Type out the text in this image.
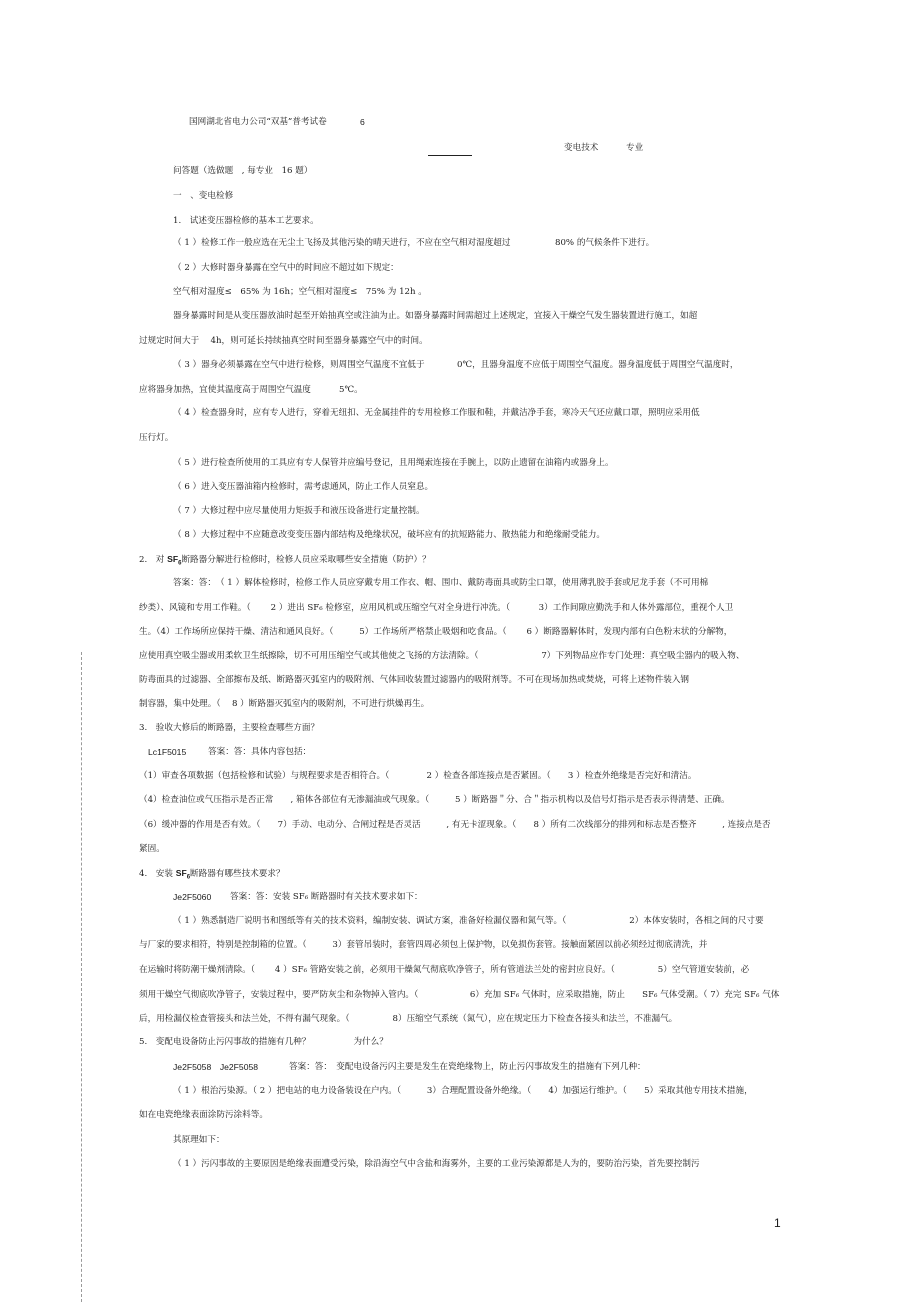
国网湖北省电力公司“双基”普考试卷	6
变电技术	专业
问答题（选做题　, 每专业　16 题）
一　、变电检修
1.　试述变压器检修的基本工艺要求。
（ 1 ）检修工作一般应选在无尘土飞扬及其他污染的晴天进行，不应在空气相对湿度超过	80% 的气候条件下进行。
（ 2 ）大修时器身暴露在空气中的时间应不超过如下规定：
空气相对湿度≤　65% 为 16h；空气相对湿度≤　75% 为 12h 。
器身暴露时间是从变压器放油时起至开始抽真空或注油为止。如器身暴露时间需超过上述规定，宜接入干燥空气发生器装置进行施工，如超
过规定时间大于　 4h，则可延长持续抽真空时间至器身暴露空气中的时间。
（ 3 ）器身必须暴露在空气中进行检修，则周围空气温度不宜低于	0℃，且器身温度不应低于周围空气温度。器身温度低于周围空气温度时，
应将器身加热，宜使其温度高于周围空气温度	5℃。
（ 4 ）检查器身时，应有专人进行，穿着无纽扣、无金属挂件的专用检修工作服和鞋，并戴洁净手套，寒冷天气还应戴口罩，照明应采用低
压行灯。
（ 5 ）进行检查所使用的工具应有专人保管并应编号登记，且用绳索连接在手腕上，以防止遗留在油箱内或器身上。
（ 6 ）进入变压器油箱内检修时，需考虑通风，防止工作人员窒息。
（ 7 ）大修过程中应尽量使用力矩扳手和液压设备进行定量控制。
（ 8 ）大修过程中不应随意改变变压器内部结构及绝缘状况，破坏应有的抗短路能力、散热能力和绝缘耐受能力。
2.　对 $SF_6$断路器分解进行检修时，检修人员应采取哪些安全措施（防护）？
答案：答：　（ 1 ）解体检修时，检修工作人员应穿戴专用工作衣、帽、围巾、戴防毒面具或防尘口罩，使用薄乳胶手套或尼龙手套（不可用棉
纱类）、风镜和专用工作鞋。（　　 2 ）进出 SF₆ 检修室，应用风机或压缩空气对全身进行冲洗。（　　　 3）工作间隙应勤洗手和人体外露部位，重视个人卫
生。（4）工作场所应保持干燥、清洁和通风良好。（　　　5）工作场所严格禁止吸烟和吃食品。（　　 6 ）断路器解体时，发现内部有白色粉末状的分解物，
应使用真空吸尘器或用柔软卫生纸擦除，切不可用压缩空气或其他使之飞扬的方法清除。（　　　　　　　 7）下列物品应作专门处理：真空吸尘器内的吸入物、
防毒面具的过滤器、全部擦布及纸、断路器灭弧室内的吸附剂、气体回收装置过滤器内的吸附剂等。不可在现场加热或焚烧，可将上述物件装入钢
制容器，集中处理。（　 8 ）断路器灭弧室内的吸附剂，不可进行烘燥再生。
3.　验收大修后的断路器，主要检查哪些方面？
Lc1F5015	答案：答：具体内容包括：
（1）审查各项数据（包括检修和试验）与规程要求是否相符合。（　　　　 2 ）检查各部连接点是否紧固。（　　3 ）检查外绝缘是否完好和清洁。
（4）检查油位或气压指示是否正常　　, 箱体各部位有无渗漏油或气现象。（　　　5 ）断路器＂分、合＂指示机构以及信号灯指示是否表示得清楚、正确。
（6）缓冲器的作用是否有效。（　　7）手动、电动分、合闸过程是否灵活　　　, 有无卡涩现象。（　　8 ）所有二次线部分的排列和标志是否整齐　　　, 连接点是否
紧固。
4.　安装 $SF_6$断路器有哪些技术要求？
Je2F5060 答案：答：安装 SF₆ 断路器时有关技术要求如下：
（ 1 ）熟悉制造厂说明书和图纸等有关的技术资料，编制安装、调试方案，准备好检漏仪器和氮气等。（　　　　　　　 2）本体安装时，各相之间的尺寸要
与厂家的要求相符，特别是控制箱的位置。（　　　3）套管吊装时，套管四周必须包上保护物，以免损伤套管。接触面紧固以前必须经过彻底清洗，并
在运输时将防潮干燥剂清除。（　　 4 ）SF₆ 管路安装之前，必须用干燥氮气彻底吹净管子，所有管道法兰处的密封应良好。（　　　　　5）空气管道安装前，必
须用干燥空气彻底吹净管子，安装过程中，要严防灰尘和杂物掉入管内。（　　　　　　6）充加 SF₆ 气体时，应采取措施，防止　　SF₆ 气体受潮。（ 7）充完 SF₆ 气体
后，用检漏仪检查管接头和法兰处，不得有漏气现象。（　　　　　8）压缩空气系统（氮气），应在规定压力下检查各接头和法兰，不准漏气。
5.　变配电设备防止污闪事故的措施有几种？　　　　　为什么？
Je2F5058　Je2F5058	答案：答：　变配电设备污闪主要是发生在瓷绝缘物上，防止污闪事故发生的措施有下列几种：
（ 1 ）根治污染源。（ 2 ）把电站的电力设备装设在户内。（　　　3）合理配置设备外绝缘。（　　4）加强运行维护。（　　5）采取其他专用技术措施，
如在电瓷绝缘表面涂防污涂料等。
其原理如下：
（ 1 ）污闪事故的主要原因是绝缘表面遭受污染，除沿海空气中含盐和海雾外，主要的工业污染源都是人为的，要防治污染，首先要控制污
1
